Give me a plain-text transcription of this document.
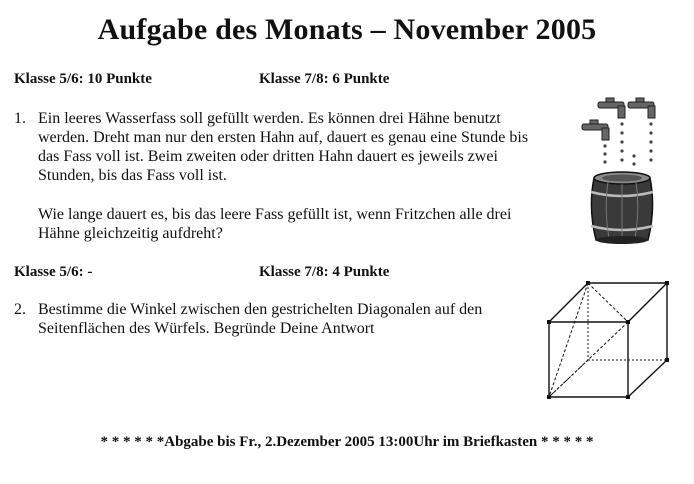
Aufgabe des Monats – November 2005
Klasse 5/6: 10 Punkte	Klasse 7/8: 6 Punkte
1. Ein leeres Wasserfass soll gefüllt werden. Es können drei Hähne benutzt
werden. Dreht man nur den ersten Hahn auf, dauert es genau eine Stunde bis
das Fass voll ist. Beim zweiten oder dritten Hahn dauert es jeweils zwei
Stunden, bis das Fass voll ist.
Wie lange dauert es, bis das leere Fass gefüllt ist, wenn Fritzchen alle drei
Hähne gleichzeitig aufdreht?
Klasse 5/6: -	Klasse 7/8: 4 Punkte
2. Bestimme die Winkel zwischen den gestrichelten Diagonalen auf den
Seitenflächen des Würfels. Begründe Deine Antwort
* * * * * *Abgabe bis Fr., 2.Dezember 2005 13:00Uhr im Briefkasten * * * * *
